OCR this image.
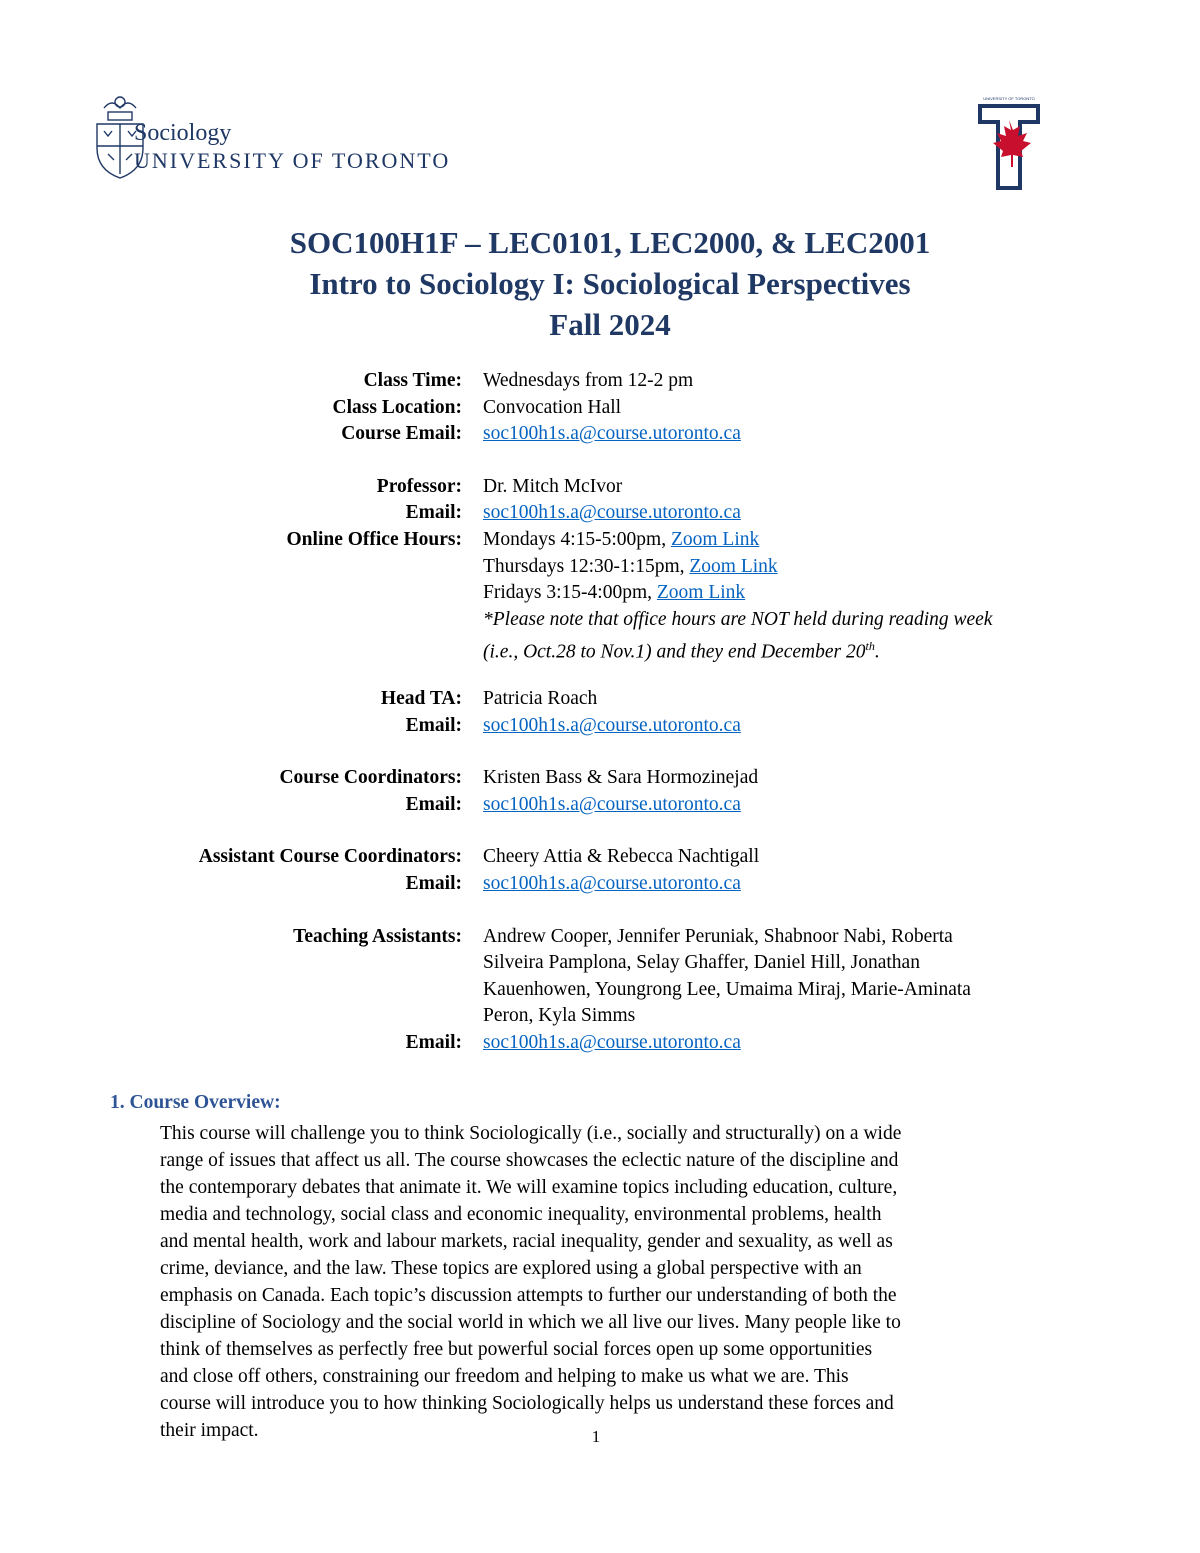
Sociology
UNIVERSITY OF TORONTO
UNIVERSITY OF TORONTO
SOC100H1F – LEC0101, LEC2000, & LEC2001
Intro to Sociology I: Sociological Perspectives
Fall 2024
Class Time: Wednesdays from 12-2 pm
Class Location: Convocation Hall
Course Email: soc100h1s.a@course.utoronto.ca
Professor: Dr. Mitch McIvor
Email: soc100h1s.a@course.utoronto.ca
Online Office Hours: Mondays 4:15-5:00pm, Zoom Link
Thursdays 12:30-1:15pm, Zoom Link
Fridays 3:15-4:00pm, Zoom Link
*Please note that office hours are NOT held during reading week
(i.e., Oct.28 to Nov.1) and they end December 20th.
Head TA: Patricia Roach
Email: soc100h1s.a@course.utoronto.ca
Course Coordinators: Kristen Bass & Sara Hormozinejad
Email: soc100h1s.a@course.utoronto.ca
Assistant Course Coordinators: Cheery Attia & Rebecca Nachtigall
Email: soc100h1s.a@course.utoronto.ca
Teaching Assistants: Andrew Cooper, Jennifer Peruniak, Shabnoor Nabi, Roberta
Silveira Pamplona, Selay Ghaffer, Daniel Hill, Jonathan
Kauenhowen, Youngrong Lee, Umaima Miraj, Marie-Aminata
Peron, Kyla Simms
Email: soc100h1s.a@course.utoronto.ca
1. Course Overview:
This course will challenge you to think Sociologically (i.e., socially and structurally) on a wide
range of issues that affect us all. The course showcases the eclectic nature of the discipline and
the contemporary debates that animate it. We will examine topics including education, culture,
media and technology, social class and economic inequality, environmental problems, health
and mental health, work and labour markets, racial inequality, gender and sexuality, as well as
crime, deviance, and the law. These topics are explored using a global perspective with an
emphasis on Canada. Each topic’s discussion attempts to further our understanding of both the
discipline of Sociology and the social world in which we all live our lives. Many people like to
think of themselves as perfectly free but powerful social forces open up some opportunities
and close off others, constraining our freedom and helping to make us what we are. This
course will introduce you to how thinking Sociologically helps us understand these forces and
their impact.	1
